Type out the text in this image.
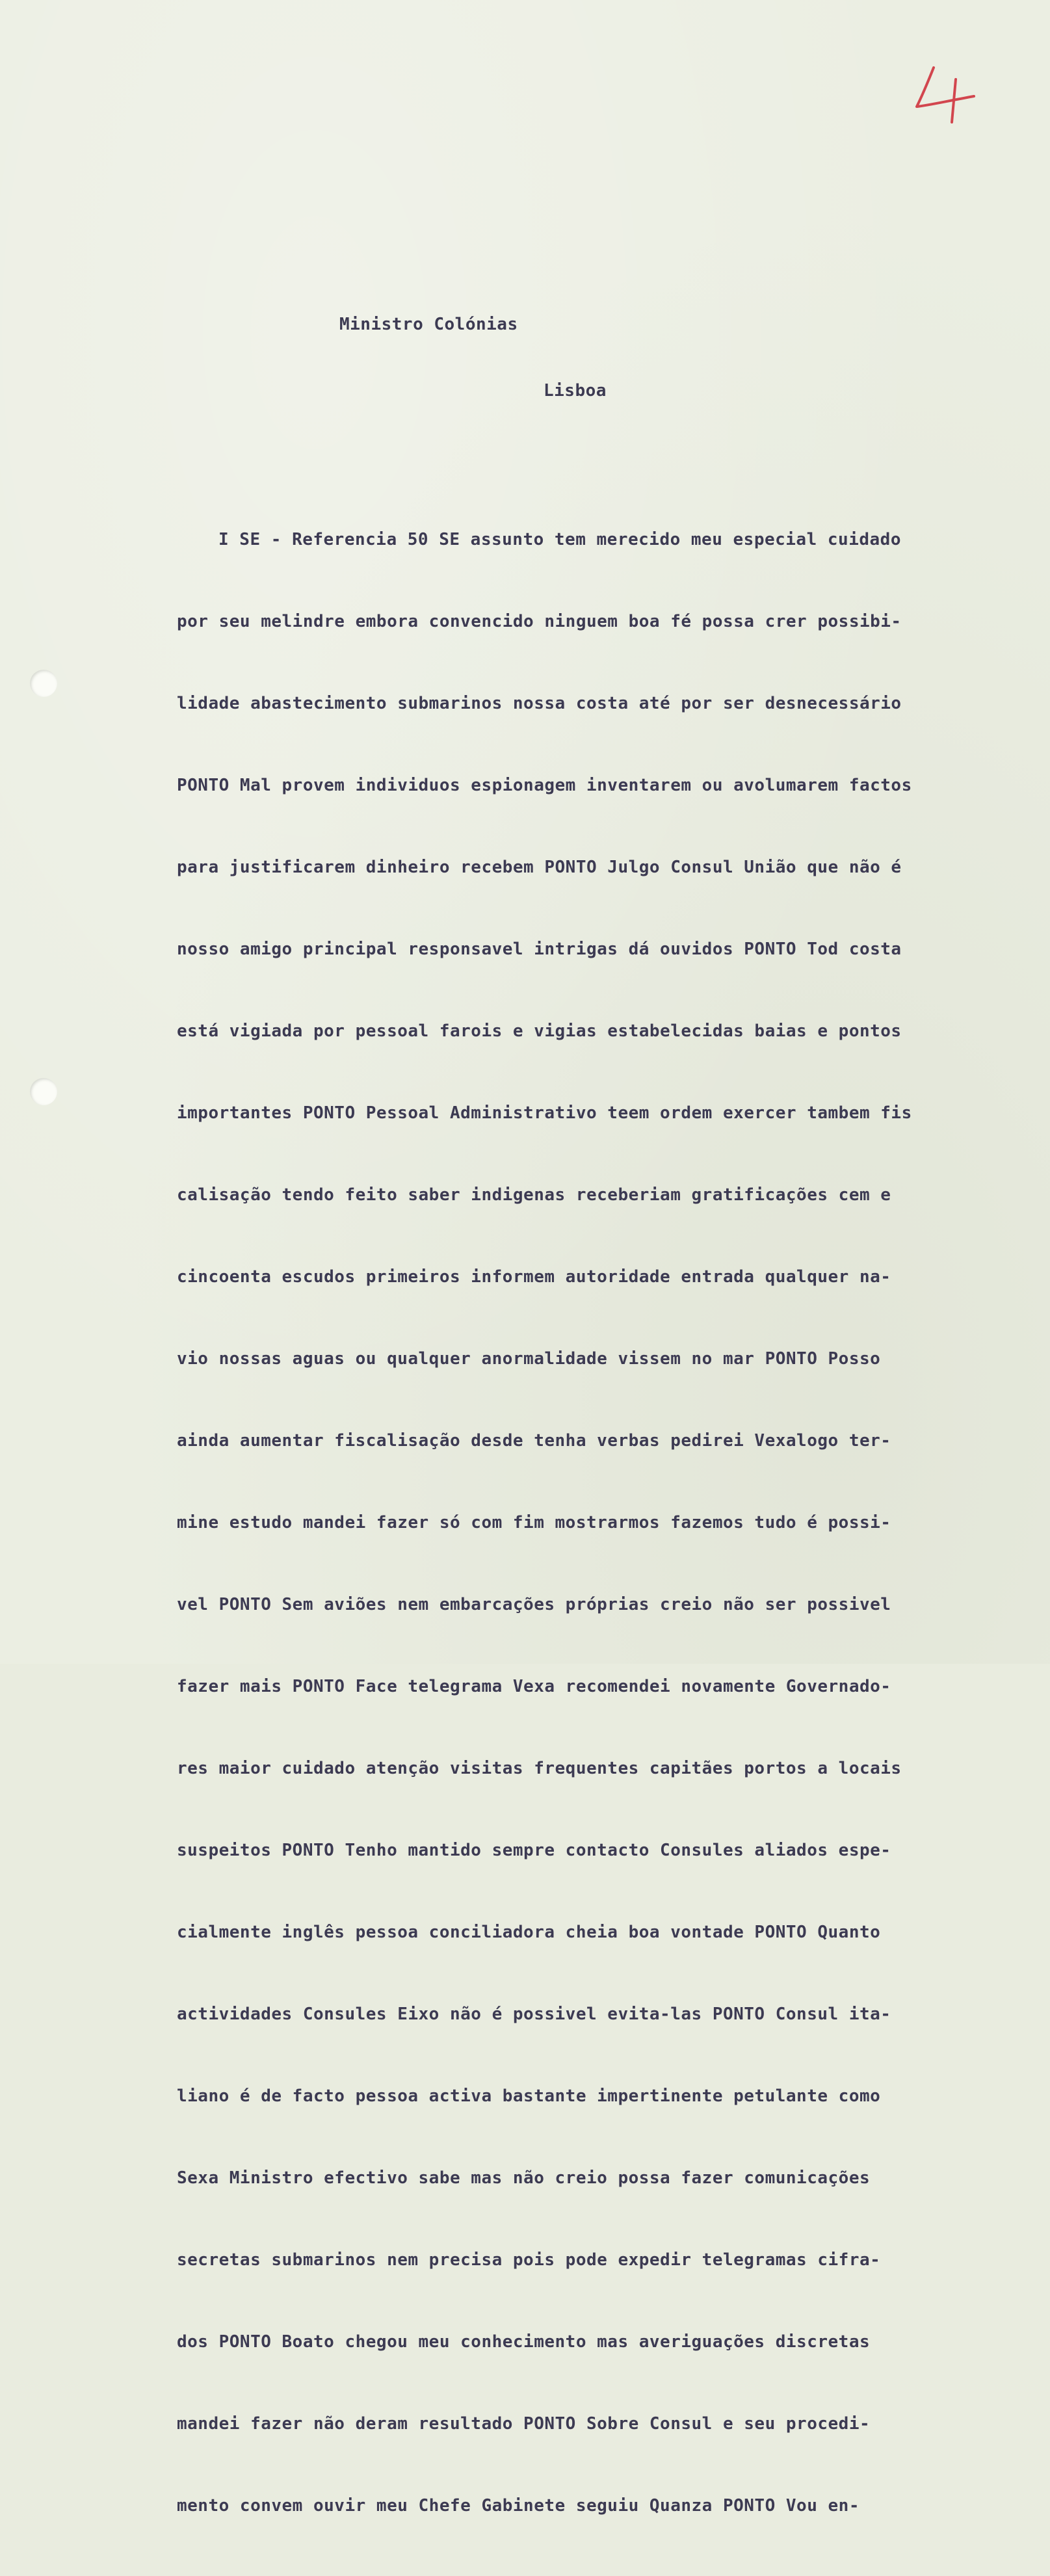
Ministro Colónias
Lisboa

I SE - Referencia 50 SE assunto tem merecido meu especial cuidado

por seu melindre embora convencido ninguem boa fé possa crer possibi-

lidade abastecimento submarinos nossa costa até por ser desnecessário

PONTO Mal provem individuos espionagem inventarem ou avolumarem factos

para justificarem dinheiro recebem PONTO Julgo Consul União que não é

nosso amigo principal responsavel intrigas dá ouvidos PONTO Tod costa

está vigiada por pessoal farois e vigias estabelecidas baias e pontos

importantes PONTO Pessoal Administrativo teem ordem exercer tambem fis

calisação tendo feito saber indigenas receberiam gratificações cem e

cincoenta escudos primeiros informem autoridade entrada qualquer na-

vio nossas aguas ou qualquer anormalidade vissem no mar PONTO Posso

ainda aumentar fiscalisação desde tenha verbas pedirei Vexalogo ter-

mine estudo mandei fazer só com fim mostrarmos fazemos tudo é possi-

vel PONTO Sem aviões nem embarcações próprias creio não ser possivel

fazer mais PONTO Face telegrama Vexa recomendei novamente Governado-

res maior cuidado atenção visitas frequentes capitães portos a locais

suspeitos PONTO Tenho mantido sempre contacto Consules aliados espe-

cialmente inglês pessoa conciliadora cheia boa vontade PONTO Quanto

actividades Consules Eixo não é possivel evita-las PONTO Consul ita-

liano é de facto pessoa activa bastante impertinente petulante como

Sexa Ministro efectivo sabe mas não creio possa fazer comunicações

secretas submarinos nem precisa pois pode expedir telegramas cifra-

dos PONTO Boato chegou meu conhecimento mas averiguações discretas

mandei fazer não deram resultado PONTO Sobre Consul e seu procedi-

mento convem ouvir meu Chefe Gabinete seguiu Quanza PONTO Vou en-
